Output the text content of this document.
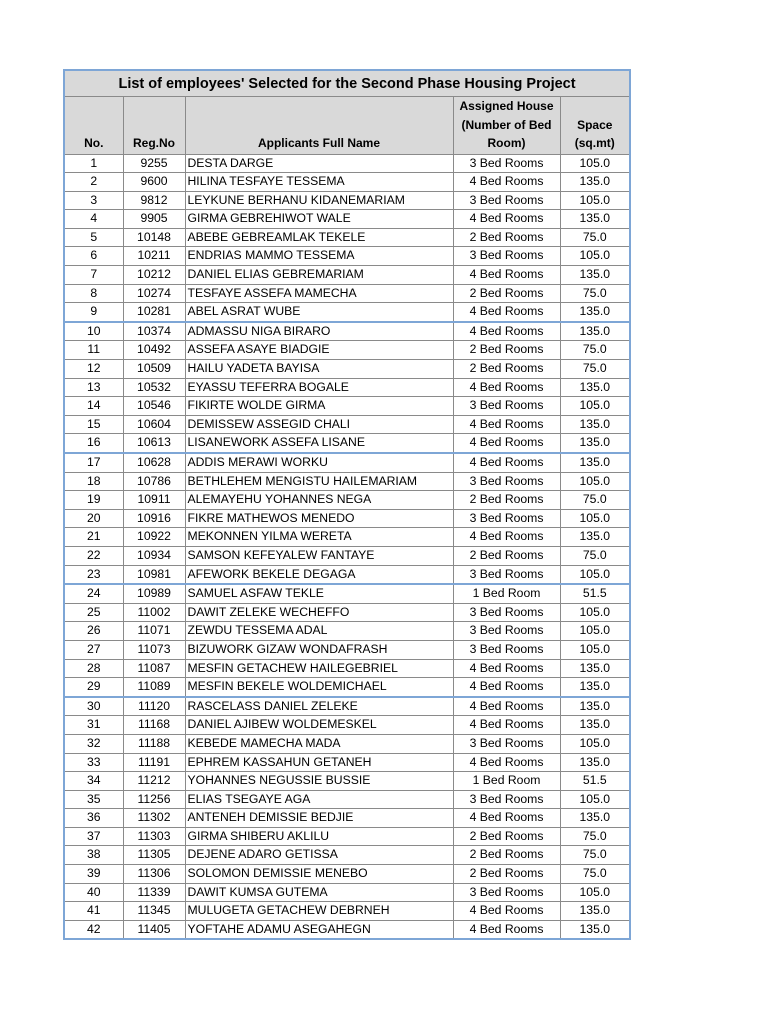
List of employees' Selected for the Second Phase Housing Project				
No.	Reg.No	Applicants Full Name	Assigned House (Number of Bed Room)	Space (sq.mt)
1	9255	DESTA DARGE	3 Bed Rooms	105.0
2	9600	HILINA TESFAYE TESSEMA	4 Bed Rooms	135.0
3	9812	LEYKUNE BERHANU KIDANEMARIAM	3 Bed Rooms	105.0
4	9905	GIRMA GEBREHIWOT WALE	4 Bed Rooms	135.0
5	10148	ABEBE GEBREAMLAK TEKELE	2 Bed Rooms	75.0
6	10211	ENDRIAS MAMMO TESSEMA	3 Bed Rooms	105.0
7	10212	DANIEL ELIAS GEBREMARIAM	4 Bed Rooms	135.0
8	10274	TESFAYE ASSEFA MAMECHA	2 Bed Rooms	75.0
9	10281	ABEL ASRAT WUBE	4 Bed Rooms	135.0
10	10374	ADMASSU NIGA BIRARO	4 Bed Rooms	135.0
11	10492	ASSEFA ASAYE BIADGIE	2 Bed Rooms	75.0
12	10509	HAILU YADETA BAYISA	2 Bed Rooms	75.0
13	10532	EYASSU TEFERRA BOGALE	4 Bed Rooms	135.0
14	10546	FIKIRTE WOLDE GIRMA	3 Bed Rooms	105.0
15	10604	DEMISSEW ASSEGID CHALI	4 Bed Rooms	135.0
16	10613	LISANEWORK ASSEFA LISANE	4 Bed Rooms	135.0
17	10628	ADDIS MERAWI WORKU	4 Bed Rooms	135.0
18	10786	BETHLEHEM MENGISTU HAILEMARIAM	3 Bed Rooms	105.0
19	10911	ALEMAYEHU YOHANNES NEGA	2 Bed Rooms	75.0
20	10916	FIKRE MATHEWOS MENEDO	3 Bed Rooms	105.0
21	10922	MEKONNEN YILMA WERETA	4 Bed Rooms	135.0
22	10934	SAMSON KEFEYALEW FANTAYE	2 Bed Rooms	75.0
23	10981	AFEWORK BEKELE DEGAGA	3 Bed Rooms	105.0
24	10989	SAMUEL ASFAW TEKLE	1 Bed Room	51.5
25	11002	DAWIT ZELEKE WECHEFFO	3 Bed Rooms	105.0
26	11071	ZEWDU TESSEMA ADAL	3 Bed Rooms	105.0
27	11073	BIZUWORK GIZAW WONDAFRASH	3 Bed Rooms	105.0
28	11087	MESFIN GETACHEW HAILEGEBRIEL	4 Bed Rooms	135.0
29	11089	MESFIN BEKELE WOLDEMICHAEL	4 Bed Rooms	135.0
30	11120	RASCELASS DANIEL ZELEKE	4 Bed Rooms	135.0
31	11168	DANIEL AJIBEW WOLDEMESKEL	4 Bed Rooms	135.0
32	11188	KEBEDE MAMECHA MADA	3 Bed Rooms	105.0
33	11191	EPHREM KASSAHUN GETANEH	4 Bed Rooms	135.0
34	11212	YOHANNES NEGUSSIE BUSSIE	1 Bed Room	51.5
35	11256	ELIAS TSEGAYE AGA	3 Bed Rooms	105.0
36	11302	ANTENEH DEMISSIE BEDJIE	4 Bed Rooms	135.0
37	11303	GIRMA SHIBERU AKLILU	2 Bed Rooms	75.0
38	11305	DEJENE ADARO GETISSA	2 Bed Rooms	75.0
39	11306	SOLOMON DEMISSIE MENEBO	2 Bed Rooms	75.0
40	11339	DAWIT KUMSA GUTEMA	3 Bed Rooms	105.0
41	11345	MULUGETA GETACHEW DEBRNEH	4 Bed Rooms	135.0
42	11405	YOFTAHE ADAMU ASEGAHEGN	4 Bed Rooms	135.0
